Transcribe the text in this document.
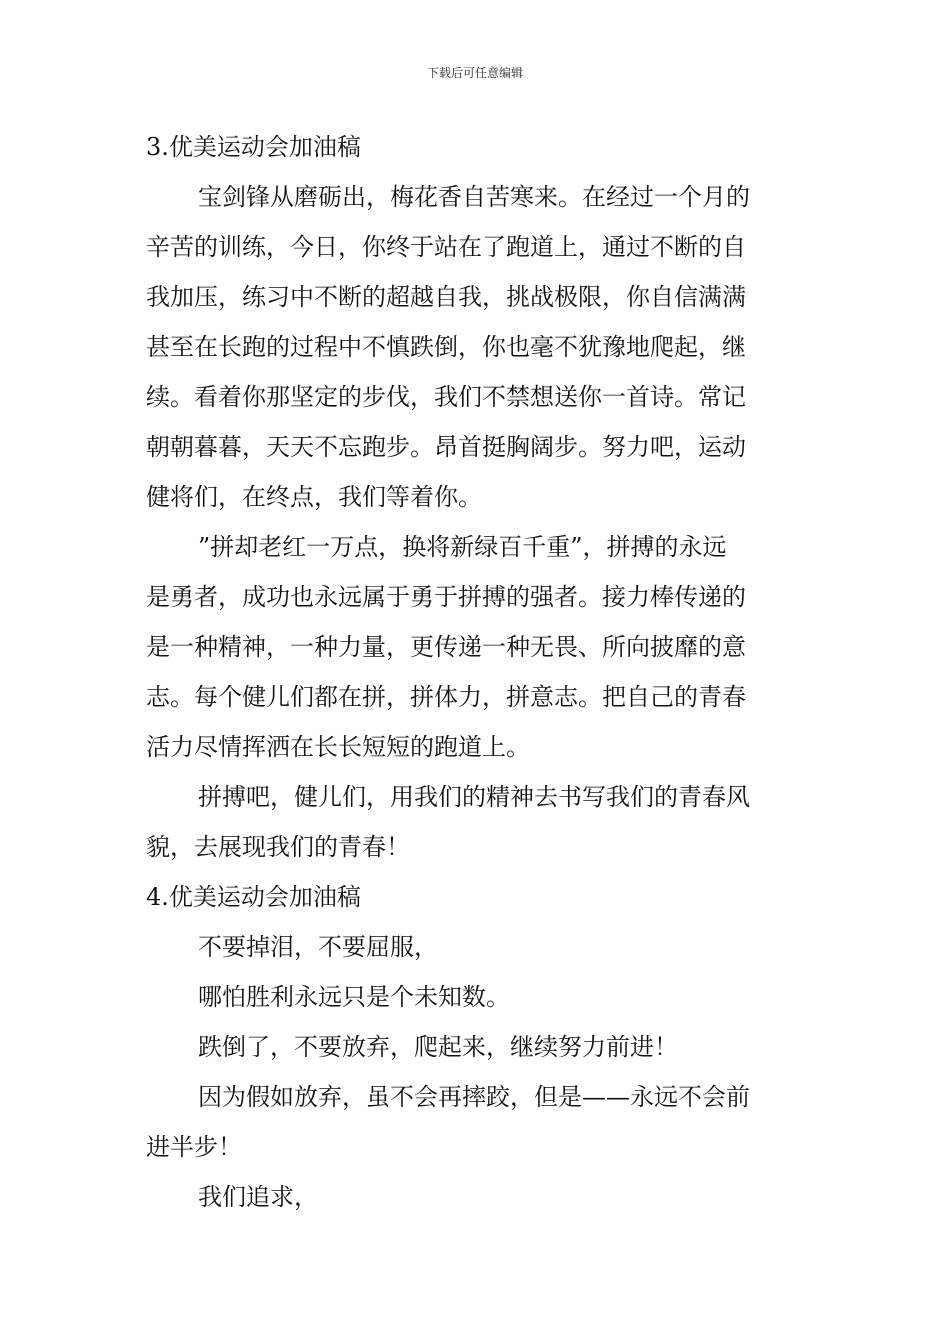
下载后可任意编辑
3.优美运动会加油稿
宝剑锋从磨砺出，梅花香自苦寒来。在经过一个月的
辛苦的训练，今日，你终于站在了跑道上，通过不断的自
我加压，练习中不断的超越自我，挑战极限，你自信满满
甚至在长跑的过程中不慎跌倒，你也毫不犹豫地爬起，继
续。看着你那坚定的步伐，我们不禁想送你一首诗。常记
朝朝暮暮，天天不忘跑步。昂首挺胸阔步。努力吧，运动
健将们，在终点，我们等着你。
”拼却老红一万点，换将新绿百千重”，拼搏的永远
是勇者，成功也永远属于勇于拼搏的强者。接力棒传递的
是一种精神，一种力量，更传递一种无畏、所向披靡的意
志。每个健儿们都在拼，拼体力，拼意志。把自己的青春
活力尽情挥洒在长长短短的跑道上。
拼搏吧，健儿们，用我们的精神去书写我们的青春风
貌，去展现我们的青春！
4.优美运动会加油稿
不要掉泪，不要屈服，
哪怕胜利永远只是个未知数。
跌倒了，不要放弃，爬起来，继续努力前进！
因为假如放弃，虽不会再摔跤，但是——永远不会前
进半步！
我们追求，
